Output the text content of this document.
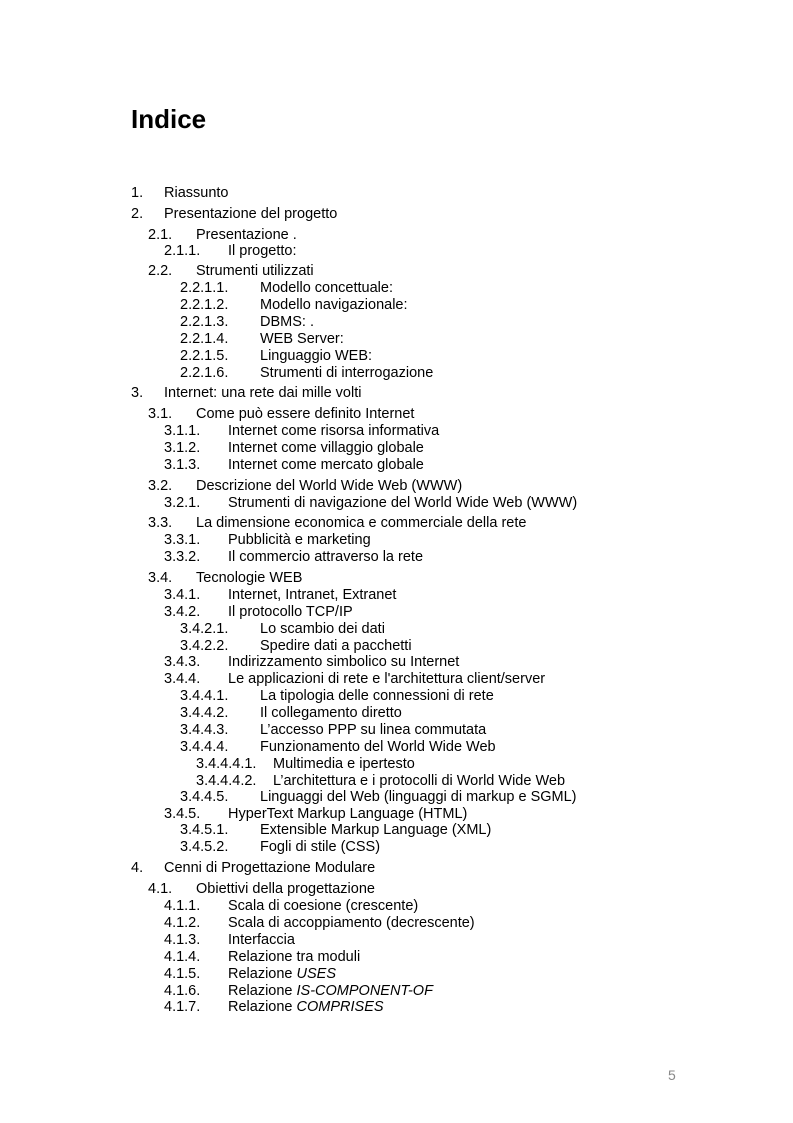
Indice
1. Riassunto
2. Presentazione del progetto
2.1. Presentazione .
2.1.1. Il progetto:
2.2. Strumenti utilizzati
2.2.1.1. Modello concettuale:
2.2.1.2. Modello navigazionale:
2.2.1.3. DBMS: .
2.2.1.4. WEB Server:
2.2.1.5. Linguaggio WEB:
2.2.1.6. Strumenti di interrogazione
3. Internet: una rete dai mille volti
3.1. Come può essere definito Internet
3.1.1. Internet come risorsa informativa
3.1.2. Internet come villaggio globale
3.1.3. Internet come mercato globale
3.2. Descrizione del World Wide Web (WWW)
3.2.1. Strumenti di navigazione del World Wide Web (WWW)
3.3. La dimensione economica e commerciale della rete
3.3.1. Pubblicità e marketing
3.3.2. Il commercio attraverso la rete
3.4. Tecnologie WEB
3.4.1. Internet, Intranet, Extranet
3.4.2. Il protocollo TCP/IP
3.4.2.1. Lo scambio dei dati
3.4.2.2. Spedire dati a pacchetti
3.4.3. Indirizzamento simbolico su Internet
3.4.4. Le applicazioni di rete e l'architettura client/server
3.4.4.1. La tipologia delle connessioni di rete
3.4.4.2. Il collegamento diretto
3.4.4.3. L’accesso PPP su linea commutata
3.4.4.4. Funzionamento del World Wide Web
3.4.4.4.1. Multimedia e ipertesto
3.4.4.4.2. L’architettura e i protocolli di World Wide Web
3.4.4.5. Linguaggi del Web (linguaggi di markup e SGML)
3.4.5. HyperText Markup Language (HTML)
3.4.5.1. Extensible Markup Language (XML)
3.4.5.2. Fogli di stile (CSS)
4. Cenni di Progettazione Modulare
4.1. Obiettivi della progettazione
4.1.1. Scala di coesione (crescente)
4.1.2. Scala di accoppiamento (decrescente)
4.1.3. Interfaccia
4.1.4. Relazione tra moduli
4.1.5. Relazione USES
4.1.6. Relazione IS-COMPONENT-OF
4.1.7. Relazione COMPRISES
5
